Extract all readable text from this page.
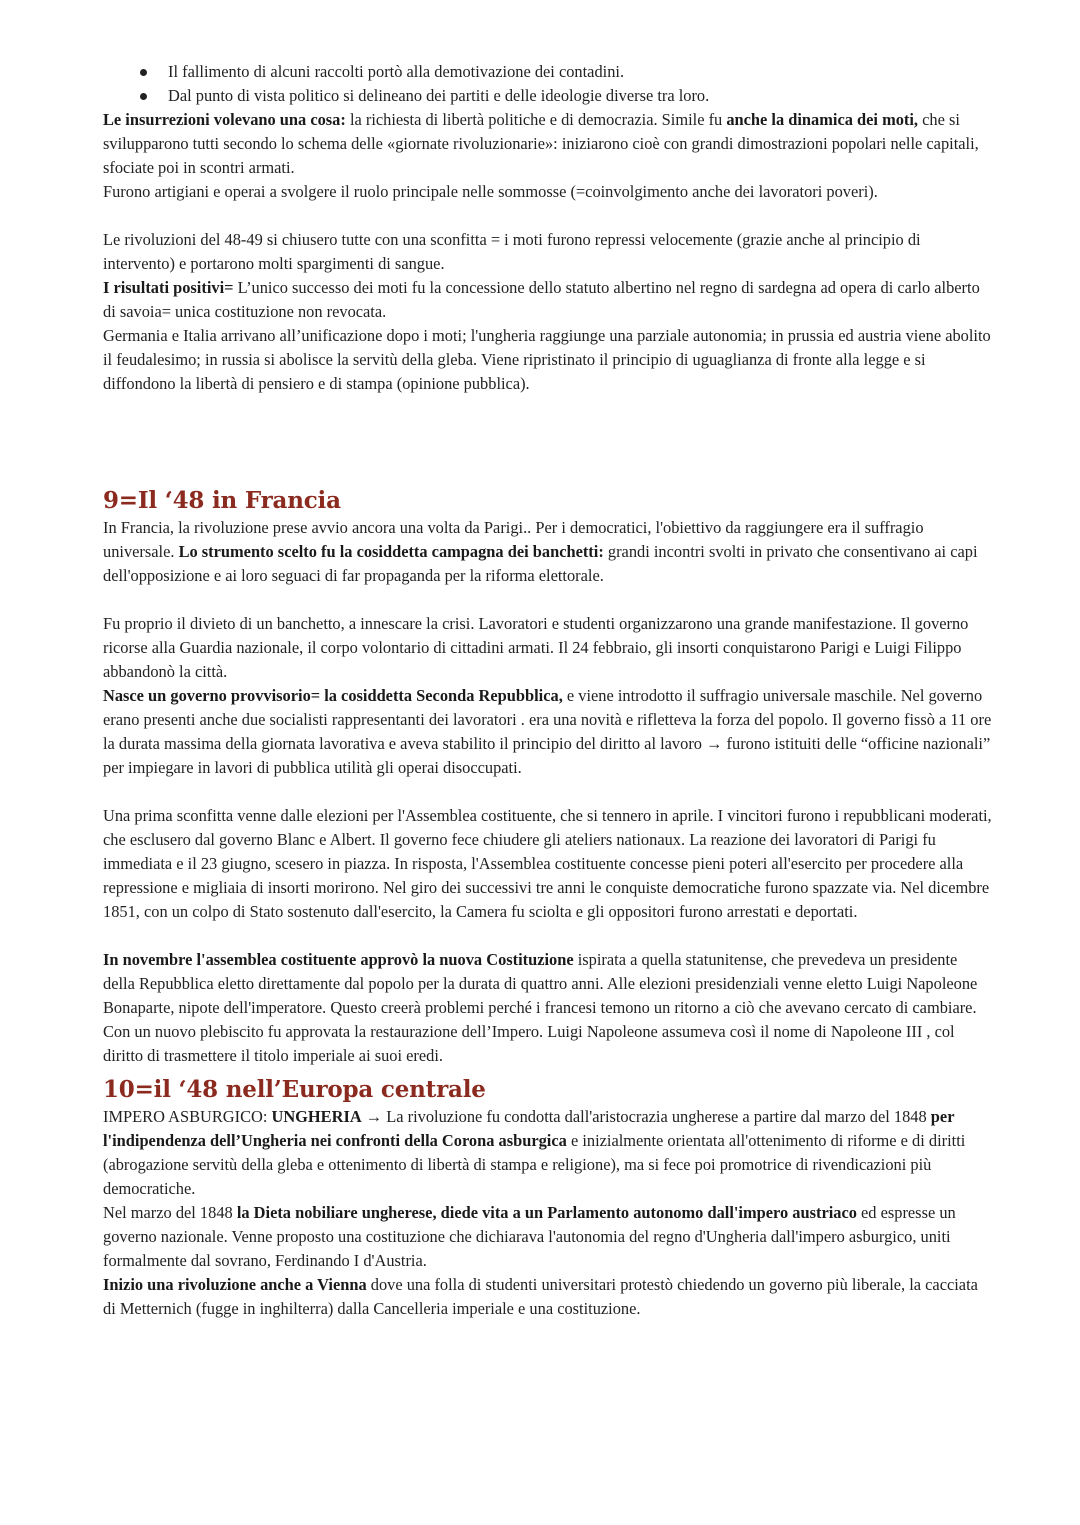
Il fallimento di alcuni raccolti portò alla demotivazione dei contadini.
Dal punto di vista politico si delineano dei partiti e delle ideologie diverse tra loro.

Le insurrezioni volevano una cosa: la richiesta di libertà politiche e di democrazia. Simile fu anche la dinamica dei moti, che si svilupparono tutti secondo lo schema delle «giornate rivoluzionarie»: iniziarono cioè con grandi dimostrazioni popolari nelle capitali, sfociate poi in scontri armati.

Furono artigiani e operai a svolgere il ruolo principale nelle sommosse (=coinvolgimento anche dei lavoratori poveri).

Le rivoluzioni del 48-49 si chiusero tutte con una sconfitta = i moti furono repressi velocemente (grazie anche al principio di intervento) e portarono molti spargimenti di sangue.

I risultati positivi= L’unico successo dei moti fu la concessione dello statuto albertino nel regno di sardegna ad opera di carlo alberto di savoia= unica costituzione non revocata.

Germania e Italia arrivano all’unificazione dopo i moti; l'ungheria raggiunge una parziale autonomia; in prussia ed austria viene abolito il feudalesimo; in russia si abolisce la servitù della gleba. Viene ripristinato il principio di uguaglianza di fronte alla legge e si diffondono la libertà di pensiero e di stampa (opinione pubblica).

9=Il ‘48 in Francia

In Francia, la rivoluzione prese avvio ancora una volta da Parigi.. Per i democratici, l'obiettivo da raggiungere era il suffragio universale. Lo strumento scelto fu la cosiddetta campagna dei banchetti: grandi incontri svolti in privato che consentivano ai capi dell'opposizione e ai loro seguaci di far propaganda per la riforma elettorale.

Fu proprio il divieto di un banchetto, a innescare la crisi. Lavoratori e studenti organizzarono una grande manifestazione. Il governo ricorse alla Guardia nazionale, il corpo volontario di cittadini armati. Il 24 febbraio, gli insorti conquistarono Parigi e Luigi Filippo abbandonò la città.

Nasce un governo provvisorio= la cosiddetta Seconda Repubblica, e viene introdotto il suffragio universale maschile. Nel governo erano presenti anche due socialisti rappresentanti dei lavoratori . era una novità e rifletteva la forza del popolo. Il governo fissò a 11 ore la durata massima della giornata lavorativa e aveva stabilito il principio del diritto al lavoro → furono istituiti delle “officine nazionali” per impiegare in lavori di pubblica utilità gli operai disoccupati.

Una prima sconfitta venne dalle elezioni per l'Assemblea costituente, che si tennero in aprile. I vincitori furono i repubblicani moderati, che esclusero dal governo Blanc e Albert. Il governo fece chiudere gli ateliers nationaux. La reazione dei lavoratori di Parigi fu immediata e il 23 giugno, scesero in piazza. In risposta, l'Assemblea costituente concesse pieni poteri all'esercito per procedere alla repressione e migliaia di insorti morirono. Nel giro dei successivi tre anni le conquiste democratiche furono spazzate via. Nel dicembre 1851, con un colpo di Stato sostenuto dall'esercito, la Camera fu sciolta e gli oppositori furono arrestati e deportati.

In novembre l'assemblea costituente approvò la nuova Costituzione ispirata a quella statunitense, che prevedeva un presidente della Repubblica eletto direttamente dal popolo per la durata di quattro anni. Alle elezioni presidenziali venne eletto Luigi Napoleone Bonaparte, nipote dell'imperatore. Questo creerà problemi perché i francesi temono un ritorno a ciò che avevano cercato di cambiare.

Con un nuovo plebiscito fu approvata la restaurazione dell’Impero. Luigi Napoleone assumeva così il nome di Napoleone III , col diritto di trasmettere il titolo imperiale ai suoi eredi.

10=il ‘48 nell’Europa centrale

IMPERO ASBURGICO: UNGHERIA → La rivoluzione fu condotta dall'aristocrazia ungherese a partire dal marzo del 1848 per l'indipendenza dell’Ungheria nei confronti della Corona asburgica e inizialmente orientata all'ottenimento di riforme e di diritti (abrogazione servitù della gleba e ottenimento di libertà di stampa e religione), ma si fece poi promotrice di rivendicazioni più democratiche.

Nel marzo del 1848 la Dieta nobiliare ungherese, diede vita a un Parlamento autonomo dall'impero austriaco ed espresse un governo nazionale. Venne proposto una costituzione che dichiarava l'autonomia del regno d'Ungheria dall'impero asburgico, uniti formalmente dal sovrano, Ferdinando I d'Austria.

Inizio una rivoluzione anche a Vienna dove una folla di studenti universitari protestò chiedendo un governo più liberale, la cacciata di Metternich (fugge in inghilterra) dalla Cancelleria imperiale e una costituzione.
